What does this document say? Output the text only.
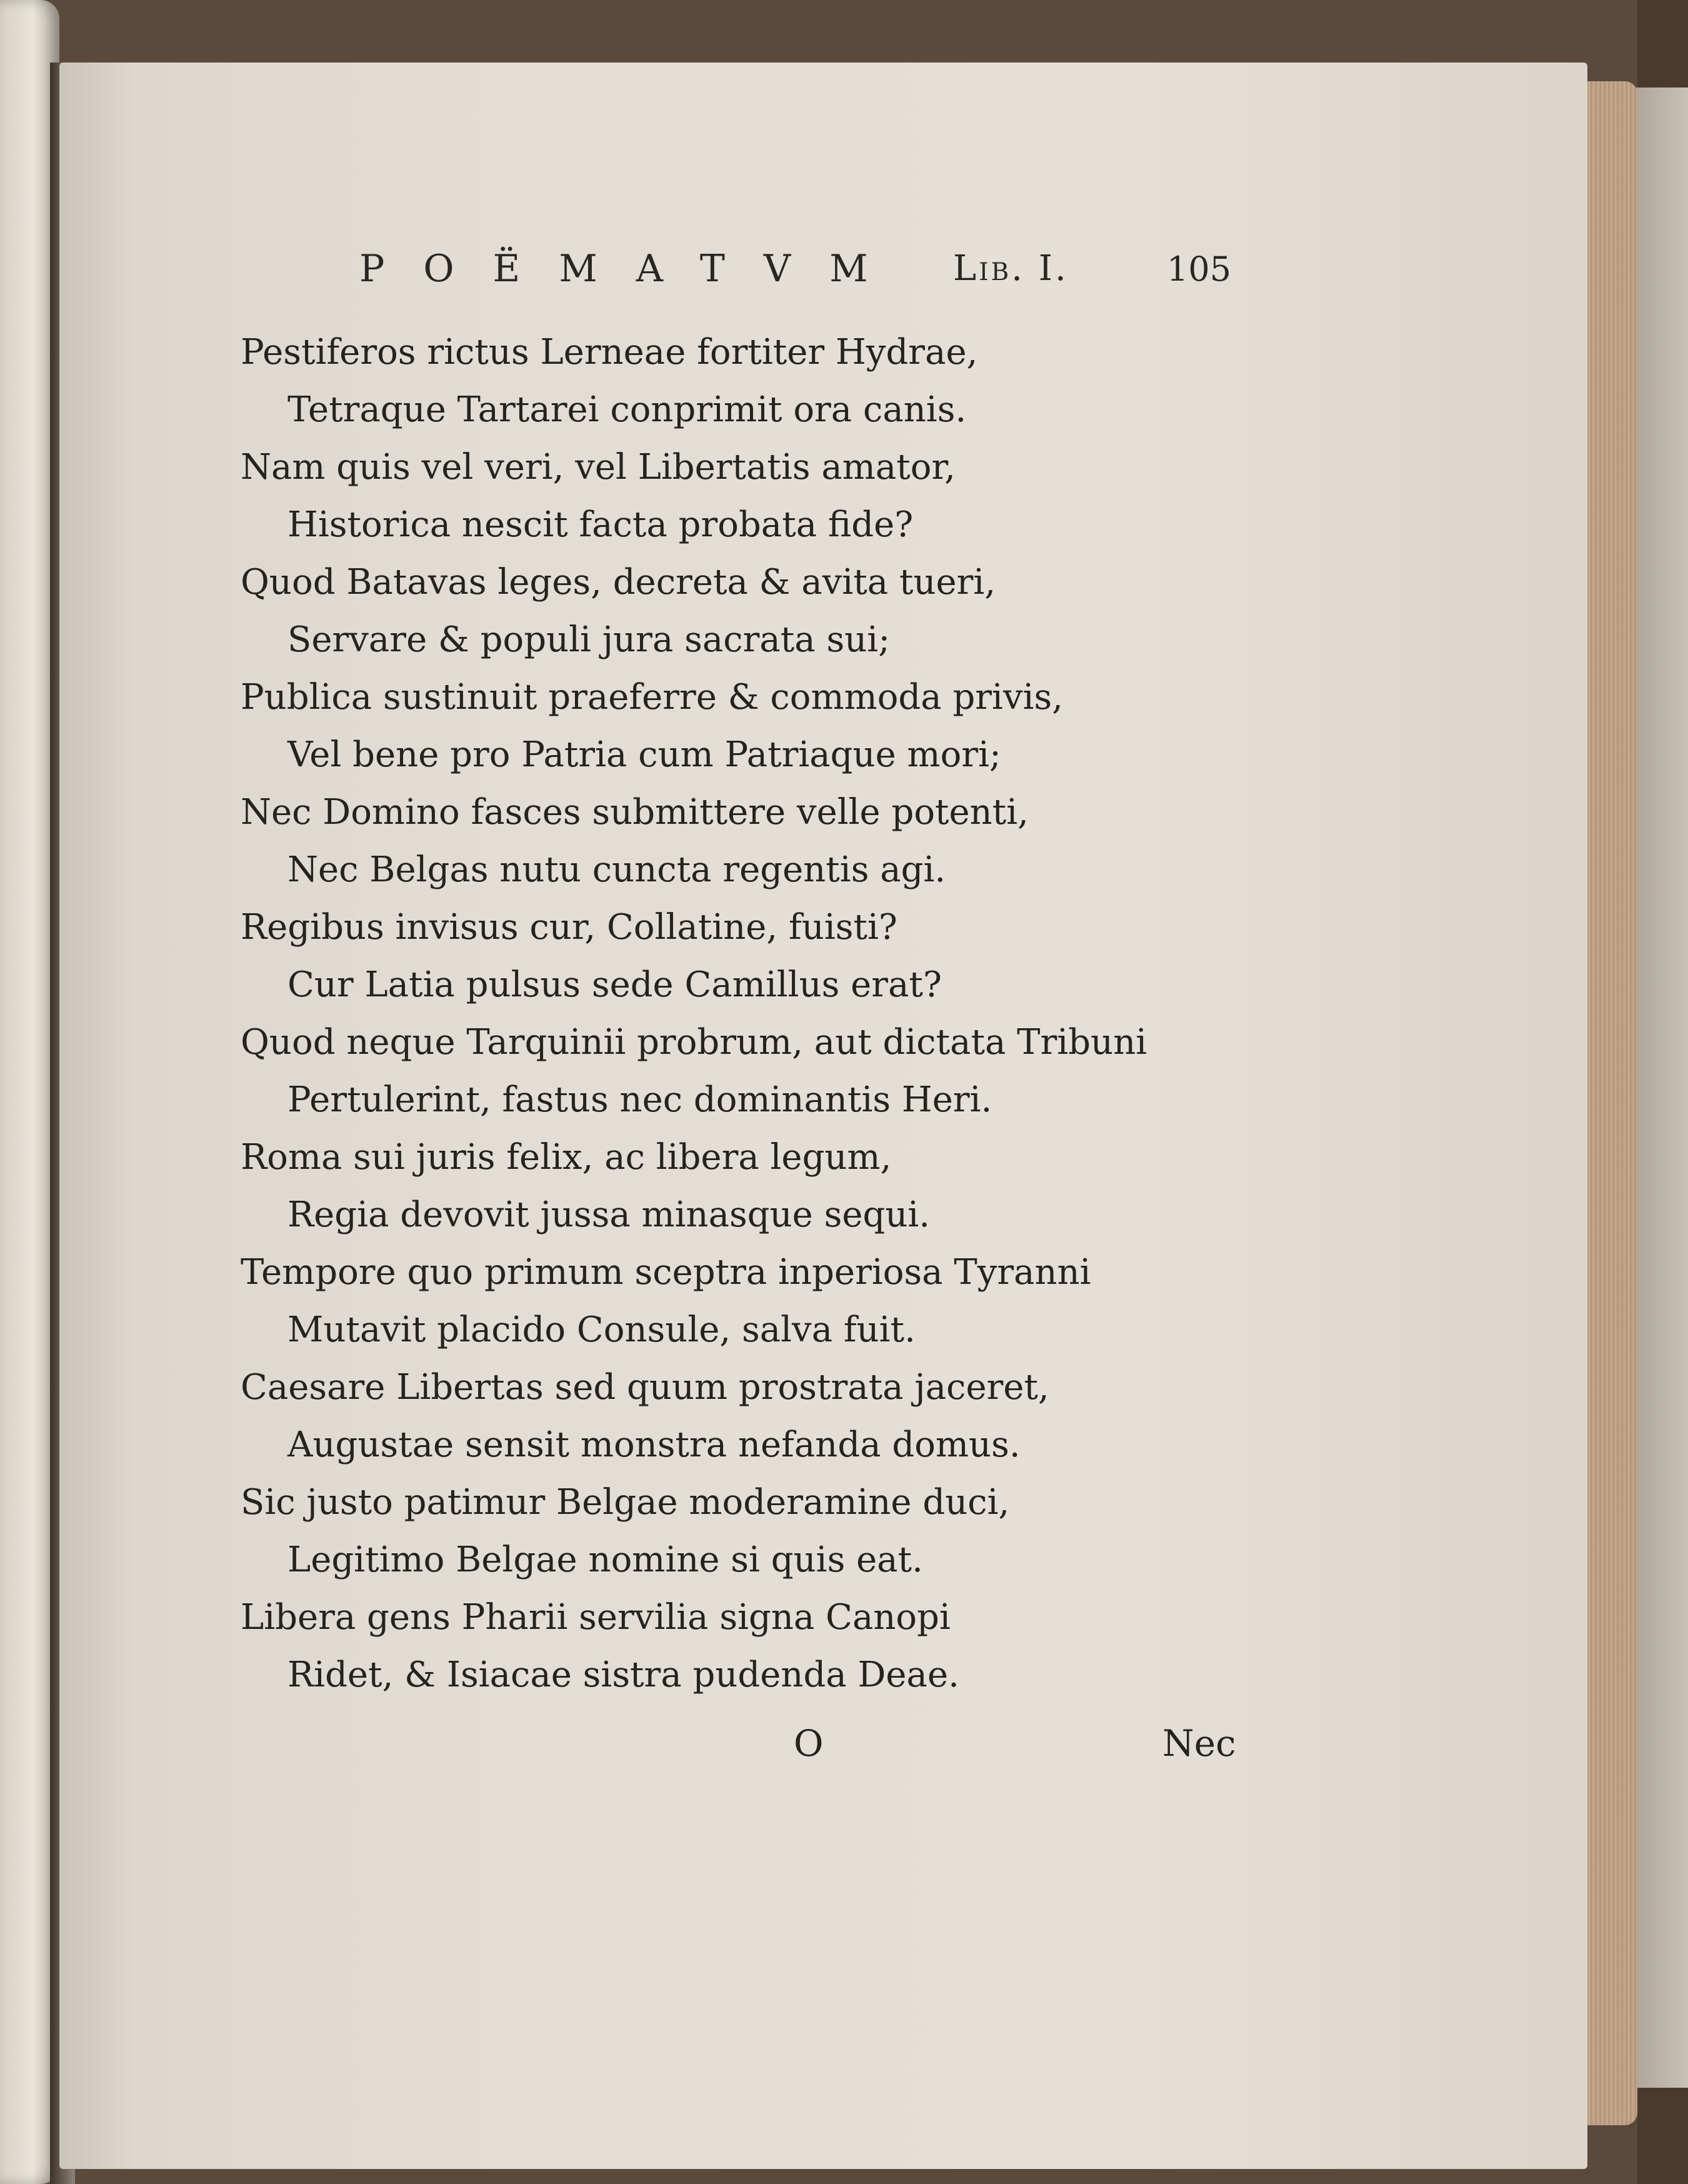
POËMATVM Lib. I.	105
Pestiferos rictus Lerneae fortiter Hydrae,
Tetraque Tartarei conprimit ora canis.
Nam quis vel veri, vel Libertatis amator,
Historica nescit facta probata fide?
Quod Batavas leges, decreta & avita tueri,
Servare & populi jura sacrata sui;
Publica sustinuit praeferre & commoda privis,
Vel bene pro Patria cum Patriaque mori;
Nec Domino fasces submittere velle potenti,
Nec Belgas nutu cuncta regentis agi.
Regibus invisus cur, Collatine, fuisti?
Cur Latia pulsus sede Camillus erat?
Quod neque Tarquinii probrum, aut dictata Tribuni
Pertulerint, fastus nec dominantis Heri.
Roma sui juris felix, ac libera legum,
Regia devovit jussa minasque sequi.
Tempore quo primum sceptra inperiosa Tyranni
Mutavit placido Consule, salva fuit.
Caesare Libertas sed quum prostrata jaceret,
Augustae sensit monstra nefanda domus.
Sic justo patimur Belgae moderamine duci,
Legitimo Belgae nomine si quis eat.
Libera gens Pharii servilia signa Canopi
Ridet, & Isiacae sistra pudenda Deae.
O	Nec
